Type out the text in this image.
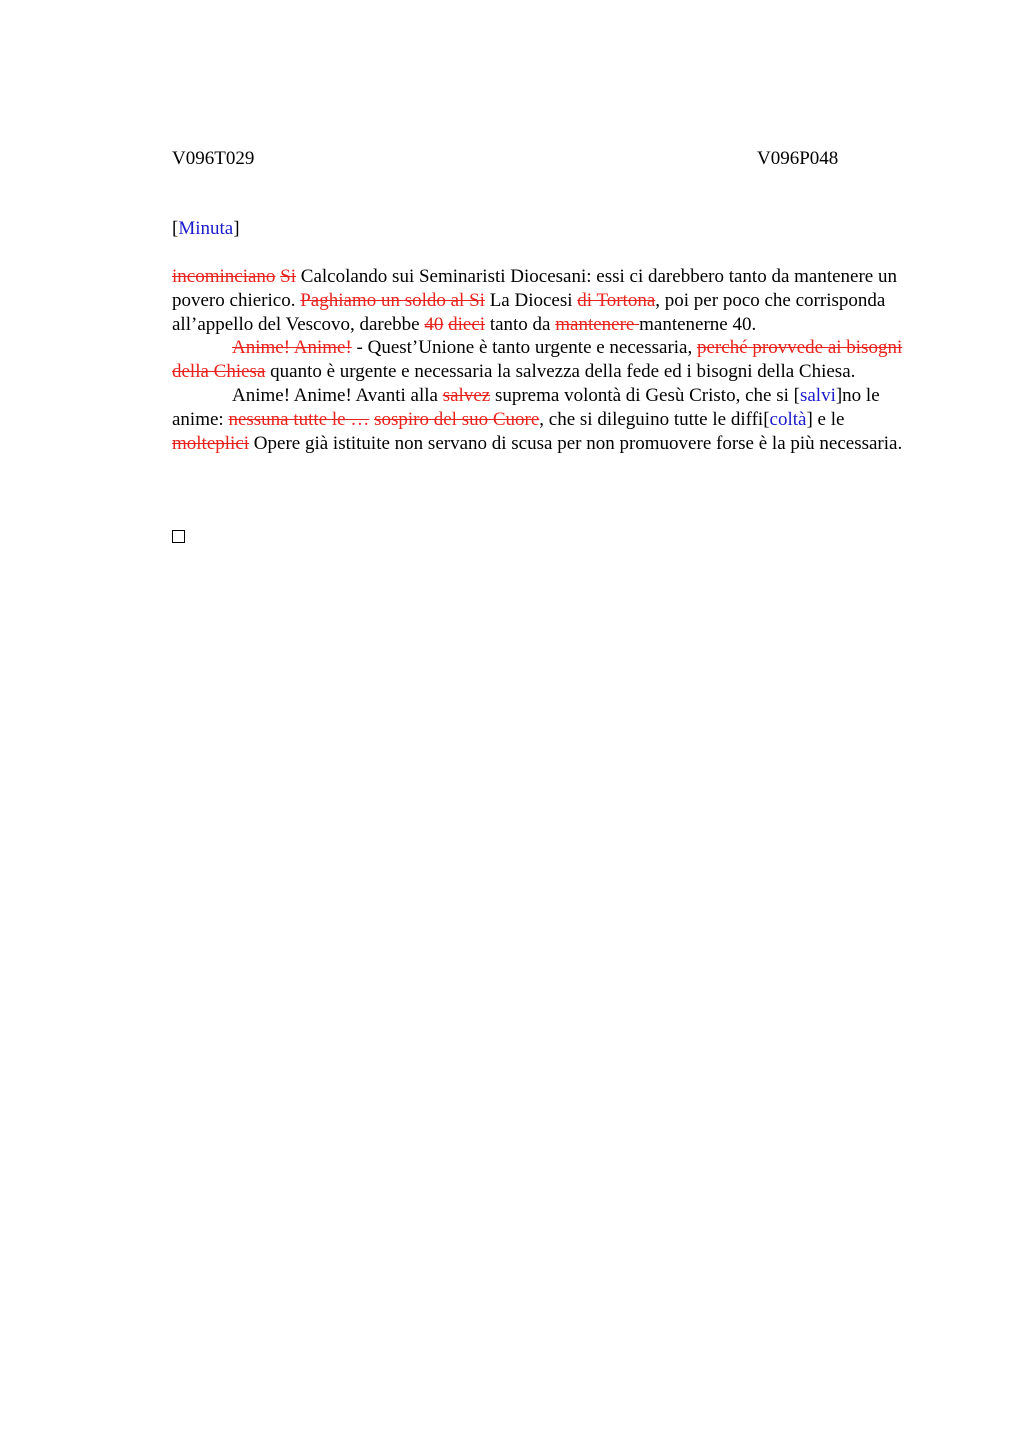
V096T029	V096P048
[Minuta]

incominciano Si Calcolando sui Seminaristi Diocesani: essi ci darebbero tanto da mantenere un povero chierico. Paghiamo un soldo al Si La Diocesi di Tortona, poi per poco che corrisponda all’appello del Vescovo, darebbe 40 dieci tanto da mantenere mantenerne 40.

Anime! Anime! - Quest’Unione è tanto urgente e necessaria, perché provvede ai bisogni della Chiesa quanto è urgente e necessaria la salvezza della fede ed i bisogni della Chiesa.

Anime! Anime! Avanti alla salvez suprema volontà di Gesù Cristo, che si [salvi]no le anime: nessuna tutte le … sospiro del suo Cuore, che si dileguino tutte le diffi[coltà] e le molteplici Opere già istituite non servano di scusa per non promuovere forse è la più necessaria.
